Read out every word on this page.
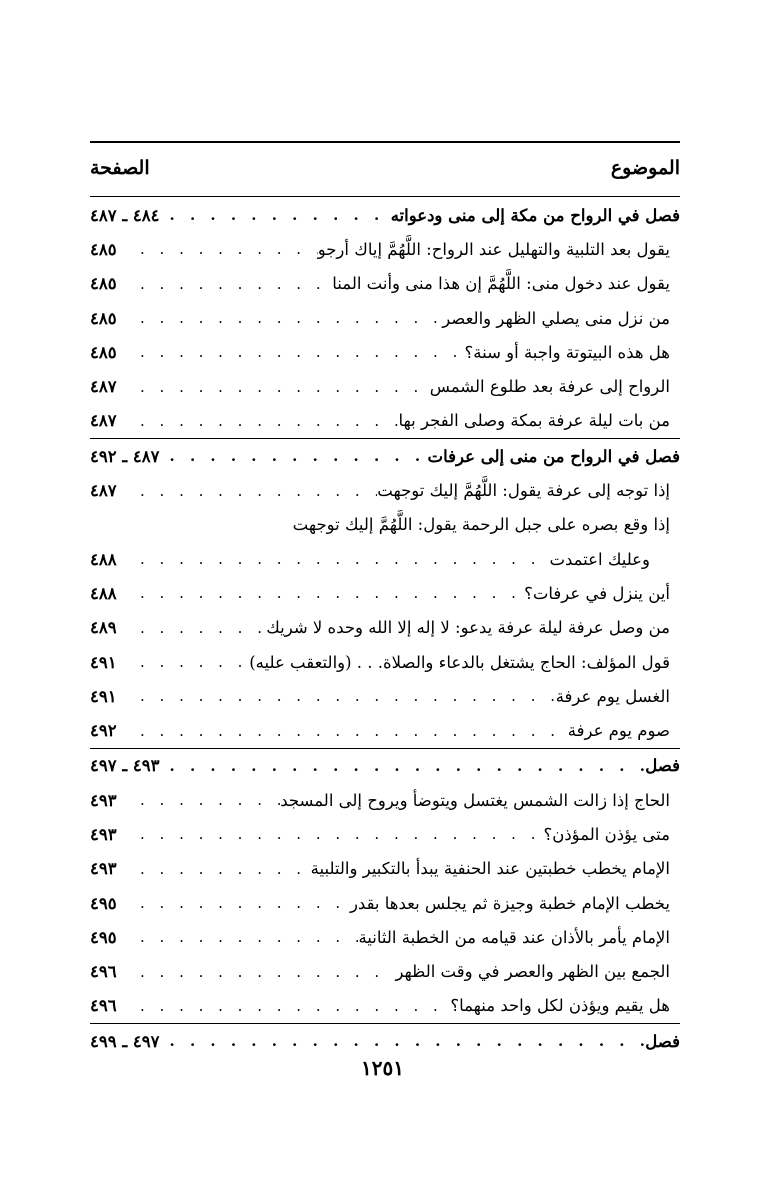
الموضوع
الصفحة
فصل في الرواح من مكة إلى منى ودعواته
. . .
٤٨٤ ـ ٤٨٧
يقول بعد التلبية والتهليل عند الرواح: اللَّهُمَّ إياك أرجو
. . .
٤٨٥
يقول عند دخول منى: اللَّهُمَّ إن هذا منى وأنت المنا
. . .
٤٨٥
من نزل منى يصلي الظهر والعصر
. . .
٤٨٥
هل هذه البيتوتة واجبة أو سنة؟
. . .
٤٨٥
الرواح إلى عرفة بعد طلوع الشمس
. . .
٤٨٧
من بات ليلة عرفة بمكة وصلى الفجر بها
. . .
٤٨٧
فصل في الرواح من منى إلى عرفات
. . .
٤٨٧ ـ ٤٩٢
إذا توجه إلى عرفة يقول: اللَّهُمَّ إليك توجهت
. . .
٤٨٧
إذا وقع بصره على جبل الرحمة يقول: اللَّهُمَّ إليك توجهت
وعليك اعتمدت
. . .
٤٨٨
أين ينزل في عرفات؟
. . .
٤٨٨
من وصل عرفة ليلة عرفة يدعو: لا إله إلا الله وحده لا شريك
. . .
٤٨٩
قول المؤلف: الحاج يشتغل بالدعاء والصلاة. . . (والتعقب عليه)
. . .
٤٩١
الغسل يوم عرفة
. . .
٤٩١
صوم يوم عرفة
. . .
٤٩٢
فصل
. . .
٤٩٣ ـ ٤٩٧
الحاج إذا زالت الشمس يغتسل ويتوضأ ويروح إلى المسجد
. . .
٤٩٣
متى يؤذن المؤذن؟
. . .
٤٩٣
الإمام يخطب خطبتين عند الحنفية يبدأ بالتكبير والتلبية
. . .
٤٩٣
يخطب الإمام خطبة وجيزة ثم يجلس بعدها بقدر
. . .
٤٩٥
الإمام يأمر بالأذان عند قيامه من الخطبة الثانية
. . .
٤٩٥
الجمع بين الظهر والعصر في وقت الظهر
. . .
٤٩٦
هل يقيم ويؤذن لكل واحد منهما؟
. . .
٤٩٦
فصل
. . .
٤٩٧ ـ ٤٩٩
١٢٥١
